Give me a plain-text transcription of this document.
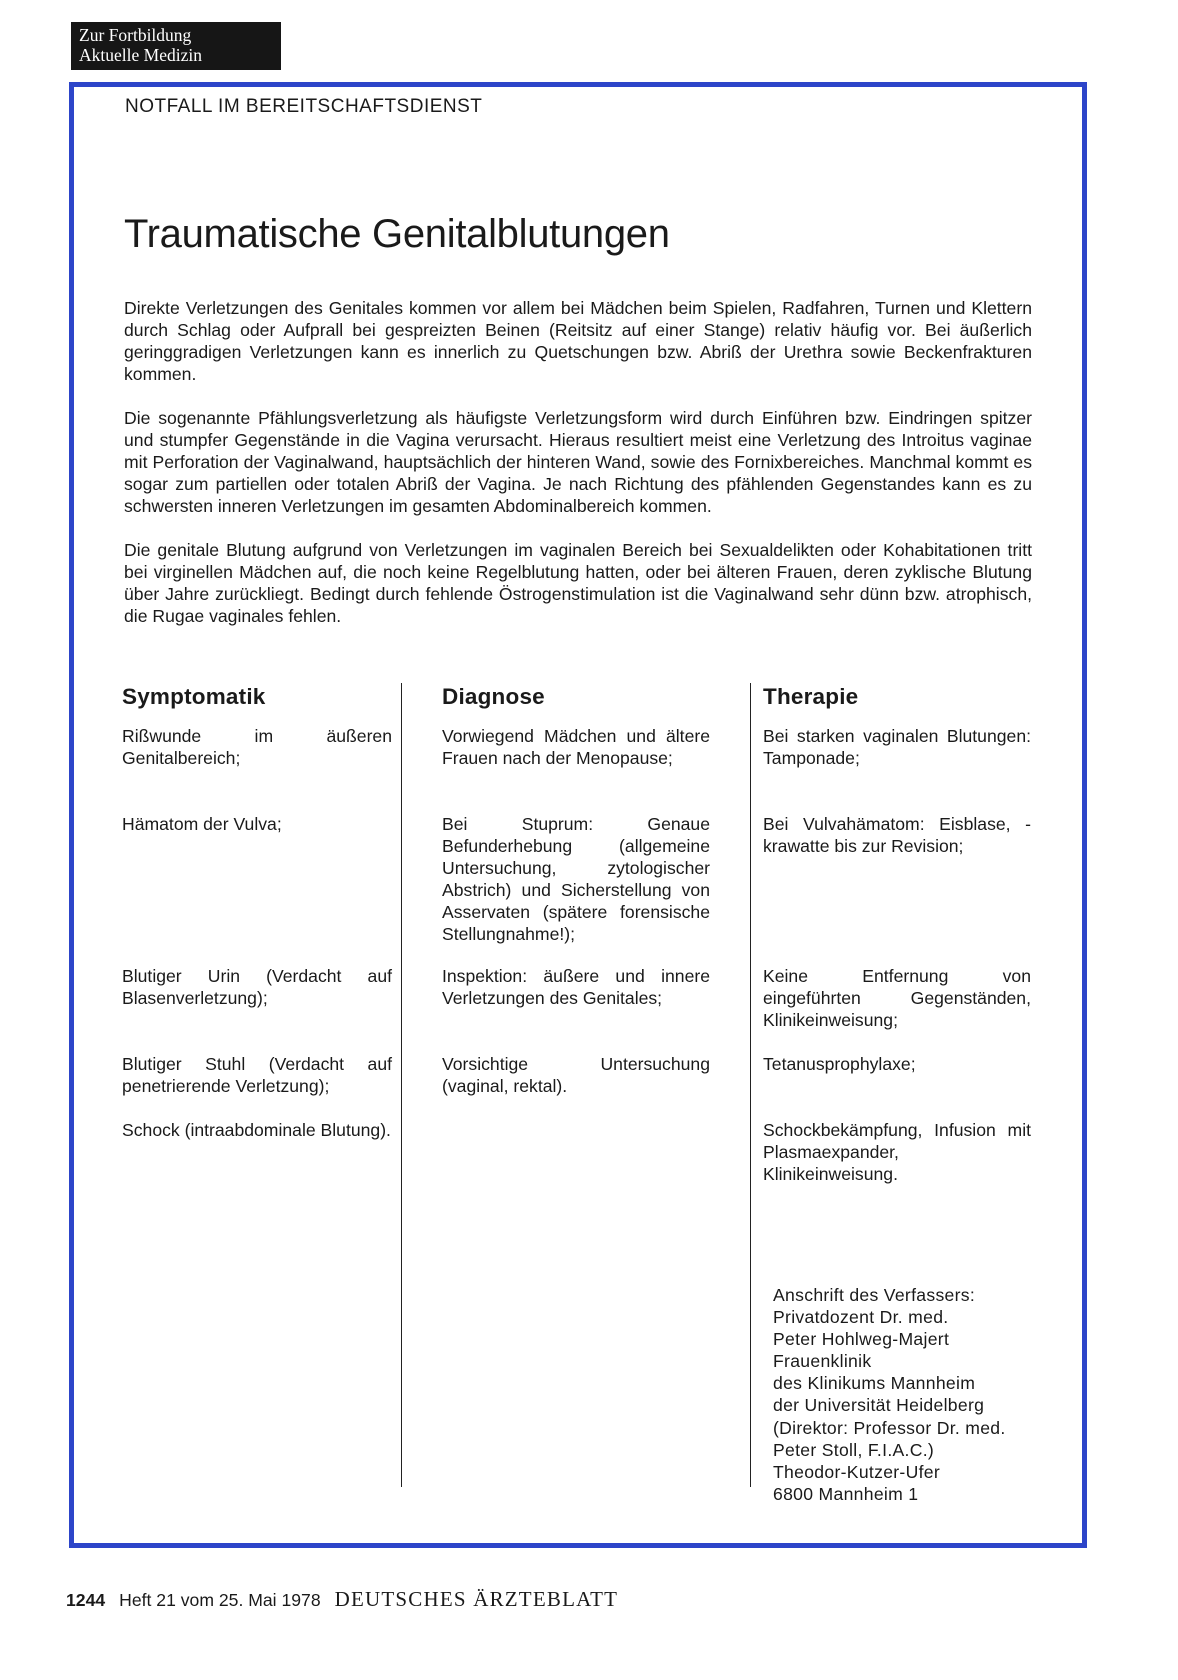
Zur Fortbildung
Aktuelle Medizin
NOTFALL IM BEREITSCHAFTSDIENST
Traumatische Genitalblutungen

Direkte Verletzungen des Genitales kommen vor allem bei Mädchen beim Spielen, Radfahren, Turnen und Klettern durch Schlag oder Aufprall bei gespreizten Beinen (Reitsitz auf einer Stange) relativ häufig vor. Bei äußerlich geringgradigen Verletzungen kann es innerlich zu Quetschungen bzw. Abriß der Urethra sowie Beckenfrakturen kommen.

Die sogenannte Pfählungsverletzung als häufigste Verletzungsform wird durch Einführen bzw. Eindringen spitzer und stumpfer Gegenstände in die Vagina verursacht. Hieraus resultiert meist eine Verletzung des Introitus vaginae mit Perforation der Vaginalwand, hauptsächlich der hinteren Wand, sowie des Fornixbereiches. Manchmal kommt es sogar zum partiellen oder totalen Abriß der Vagina. Je nach Richtung des pfählenden Gegenstandes kann es zu schwersten inneren Verletzungen im gesamten Abdominalbereich kommen.

Die genitale Blutung aufgrund von Verletzungen im vaginalen Bereich bei Sexualdelikten oder Kohabitationen tritt bei virginellen Mädchen auf, die noch keine Regelblutung hatten, oder bei älteren Frauen, deren zyklische Blutung über Jahre zurückliegt. Bedingt durch fehlende Östrogenstimulation ist die Vaginalwand sehr dünn bzw. atrophisch, die Rugae vaginales fehlen.

Symptomatik
Rißwunde im äußeren Genitalbereich;
Hämatom der Vulva;
Blutiger Urin (Verdacht auf Blasenverletzung);
Blutiger Stuhl (Verdacht auf penetrierende Verletzung);
Schock (intraabdominale Blutung).
Diagnose
Vorwiegend Mädchen und ältere Frauen nach der Menopause;
Bei Stuprum: Genaue Befunderhebung (allgemeine Untersuchung, zytologischer Abstrich) und Sicherstellung von Asservaten (spätere forensische Stellungnahme!);
Inspektion: äußere und innere Verletzungen des Genitales;
Vorsichtige Untersuchung (vaginal, rektal).
Therapie
Bei starken vaginalen Blutungen: Tamponade;
Bei Vulvahämatom: Eisblase, -krawatte bis zur Revision;
Keine Entfernung von eingeführten Gegenständen, Klinikeinweisung;
Tetanusprophylaxe;
Schockbekämpfung, Infusion mit Plasmaexpander, Klinikeinweisung.
Anschrift des Verfassers:
Privatdozent Dr. med.
Peter Hohlweg-Majert
Frauenklinik
des Klinikums Mannheim
der Universität Heidelberg
(Direktor: Professor Dr. med.
Peter Stoll, F.I.A.C.)
Theodor-Kutzer-Ufer
6800 Mannheim 1
1244 Heft 21 vom 25. Mai 1978 DEUTSCHES ÄRZTEBLATT
